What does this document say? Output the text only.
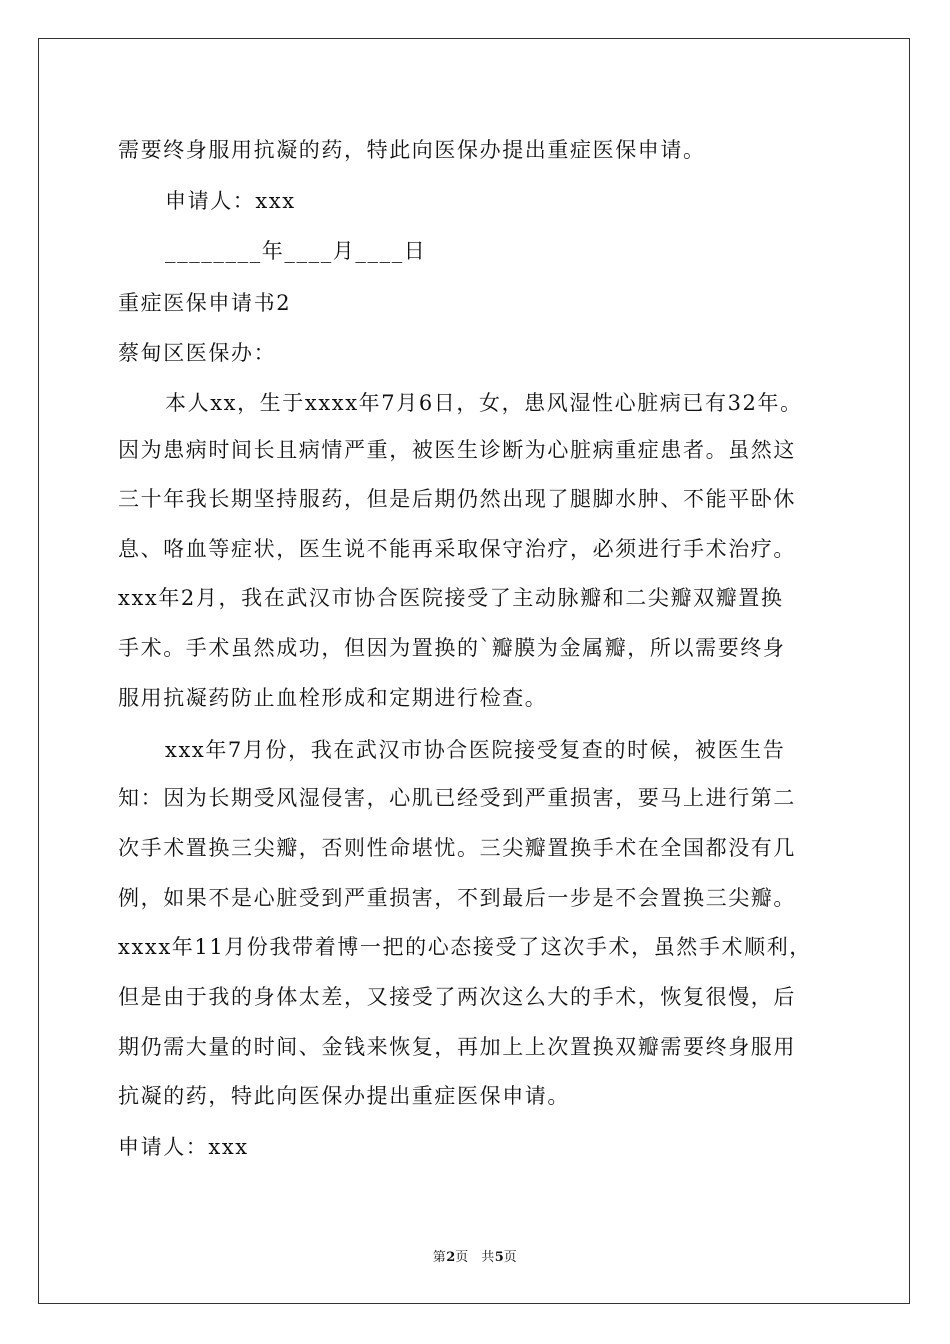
需要终身服用抗凝的药，特此向医保办提出重症医保申请。
申请人：xxx
________年____月____日
重症医保申请书2
蔡甸区医保办：
本人xx，生于xxxx年7月6日，女，患风湿性心脏病已有32年。
因为患病时间长且病情严重，被医生诊断为心脏病重症患者。虽然这
三十年我长期坚持服药，但是后期仍然出现了腿脚水肿、不能平卧休
息、咯血等症状，医生说不能再采取保守治疗，必须进行手术治疗。
xxx年2月，我在武汉市协合医院接受了主动脉瓣和二尖瓣双瓣置换
手术。手术虽然成功，但因为置换的`瓣膜为金属瓣，所以需要终身
服用抗凝药防止血栓形成和定期进行检查。
xxx年7月份，我在武汉市协合医院接受复查的时候，被医生告
知：因为长期受风湿侵害，心肌已经受到严重损害，要马上进行第二
次手术置换三尖瓣，否则性命堪忧。三尖瓣置换手术在全国都没有几
例，如果不是心脏受到严重损害，不到最后一步是不会置换三尖瓣。
xxxx年11月份我带着博一把的心态接受了这次手术，虽然手术顺利，
但是由于我的身体太差，又接受了两次这么大的手术，恢复很慢，后
期仍需大量的时间、金钱来恢复，再加上上次置换双瓣需要终身服用
抗凝的药，特此向医保办提出重症医保申请。
申请人：xxx
第2页 共5页
